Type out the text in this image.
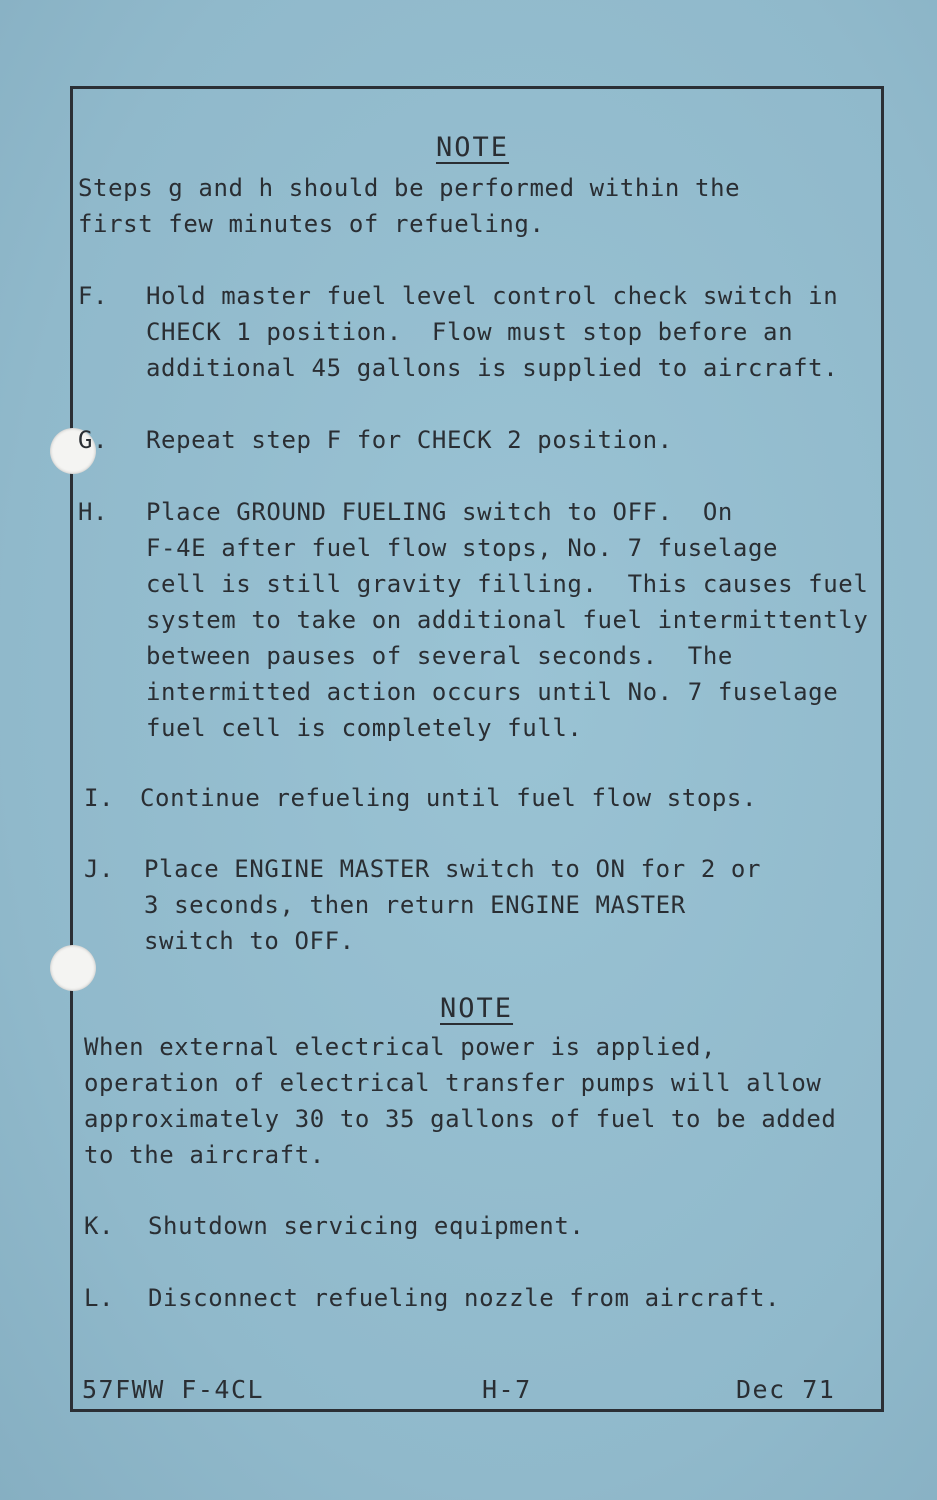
NOTE
Steps g and h should be performed within the
first few minutes of refueling.
F. Hold master fuel level control check switch in
CHECK 1 position.  Flow must stop before an
additional 45 gallons is supplied to aircraft.
G. Repeat step F for CHECK 2 position.
H. Place GROUND FUELING switch to OFF.  On
F-4E after fuel flow stops, No. 7 fuselage
cell is still gravity filling.  This causes fuel
system to take on additional fuel intermittently
between pauses of several seconds.  The
intermitted action occurs until No. 7 fuselage
fuel cell is completely full.
I. Continue refueling until fuel flow stops.
J. Place ENGINE MASTER switch to ON for 2 or
3 seconds, then return ENGINE MASTER
switch to OFF.
NOTE
When external electrical power is applied,
operation of electrical transfer pumps will allow
approximately 30 to 35 gallons of fuel to be added
to the aircraft.
K. Shutdown servicing equipment.
L. Disconnect refueling nozzle from aircraft.
57FWW F-4CL	H-7	Dec 71
